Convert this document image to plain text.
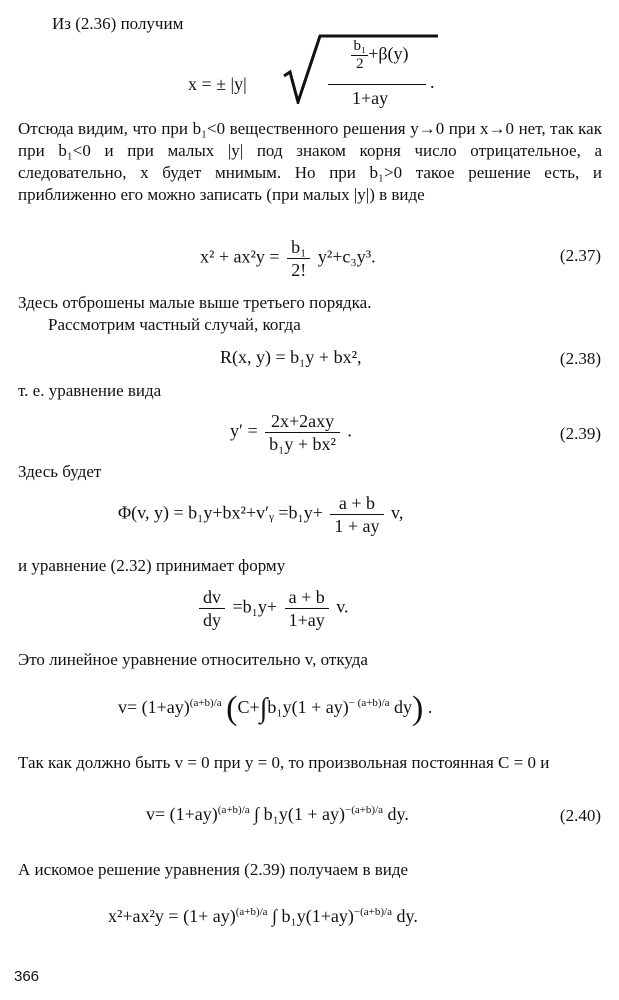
Из (2.36) получим
x = ± |y|
$\frac{\text{b₁}}{2} +\beta(y)$
1+ay
.
Отсюда видим, что при b₁<0 вещественного решения y→0 при x→0 нет, так как при b₁<0 и при малых |y| под знаком корня число отрицательное, а следовательно, x будет мнимым. Но при b₁>0 такое решение есть, и приближенно его можно записать (при малых |y|) в виде
$x^2 + ax^2y = \frac{\text{b₁}}{2!} y^2+c_3y^3$.	(2.37)
Здесь отброшены малые выше третьего порядка.
Рассмотрим частный случай, когда
R(x, y) = b₁y + bx²,	(2.38)
т. е. уравнение вида
$y' = \frac{\text{2x+2axy}}{\text{b₁y + bx²}}$ .	(2.39)
Здесь будет
Φ(v, y) = b₁y+bx²+v′ᵧ $=b_1y+ \frac{a + b}{1 + ay} v$,
и уравнение (2.32) принимает форму
$\frac{dv}{dy} =b_1y+ \frac{a + b}{1+ay} v$.
Это линейное уравнение относительно v, откуда
$v= (1+ay)^{(a+b)/a}$ (C+∫b₁y(1 + ay)$^{- (a+b)/a}$ dy) .
Так как должно быть v = 0 при y = 0, то произвольная постоянная C = 0 и
$v= (1+ay)^{(a+b)/a}$ ∫ b₁y(1 + ay)$^{-(a+b)/a}$ dy.	(2.40)
А искомое решение уравнения (2.39) получаем в виде
x²+ax²y = (1+ ay)$^{(a+b)/a}$ ∫ $b_1y(1+ay)^{-(a+b)/a}$ dy.
366
